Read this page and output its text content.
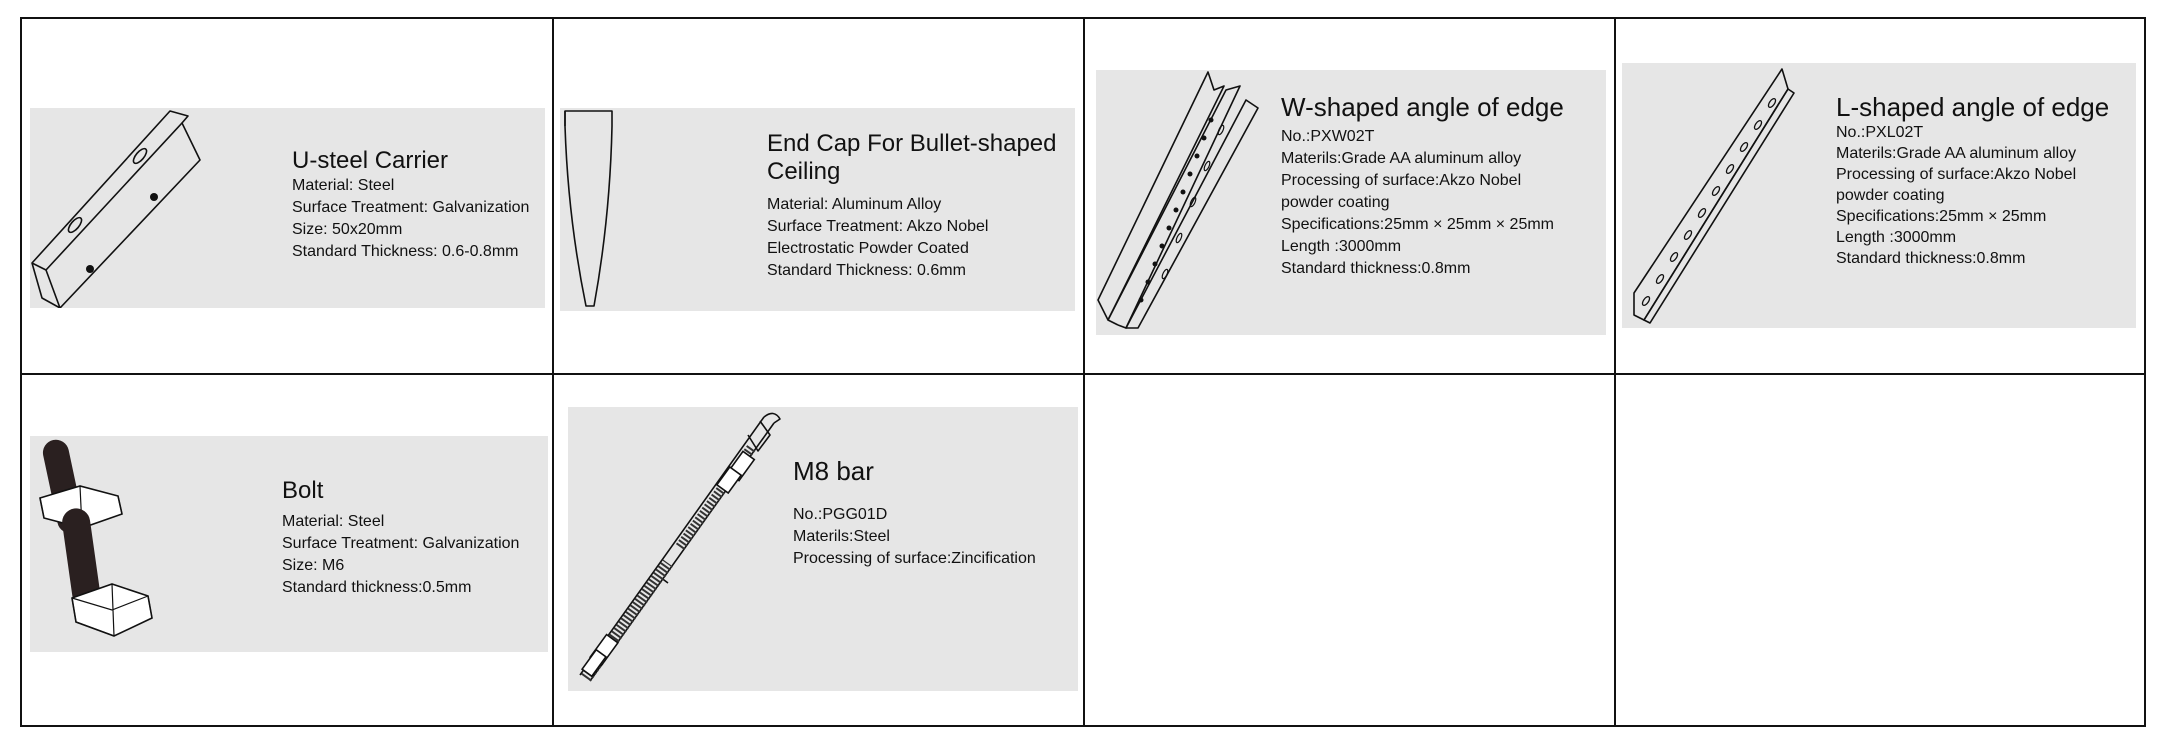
U-steel Carrier
Material: Steel
Surface Treatment: Galvanization
Size: 50x20mm
Standard Thickness: 0.6-0.8mm
End Cap For Bullet-shaped Ceiling
Material: Aluminum Alloy
Surface Treatment: Akzo Nobel
Electrostatic Powder Coated
Standard Thickness: 0.6mm
W-shaped angle of edge
No.:PXW02T
Materils:Grade AA aluminum alloy
Processing of surface:Akzo Nobel
powder coating
Specifications:25mm × 25mm × 25mm
Length :3000mm
Standard thickness:0.8mm
L-shaped angle of edge
No.:PXL02T
Materils:Grade AA aluminum alloy
Processing of surface:Akzo Nobel
powder coating
Specifications:25mm × 25mm
Length :3000mm
Standard thickness:0.8mm
Bolt
Material: Steel
Surface Treatment: Galvanization
Size: M6
Standard thickness:0.5mm
M8 bar
No.:PGG01D
Materils:Steel
Processing of surface:Zincification
